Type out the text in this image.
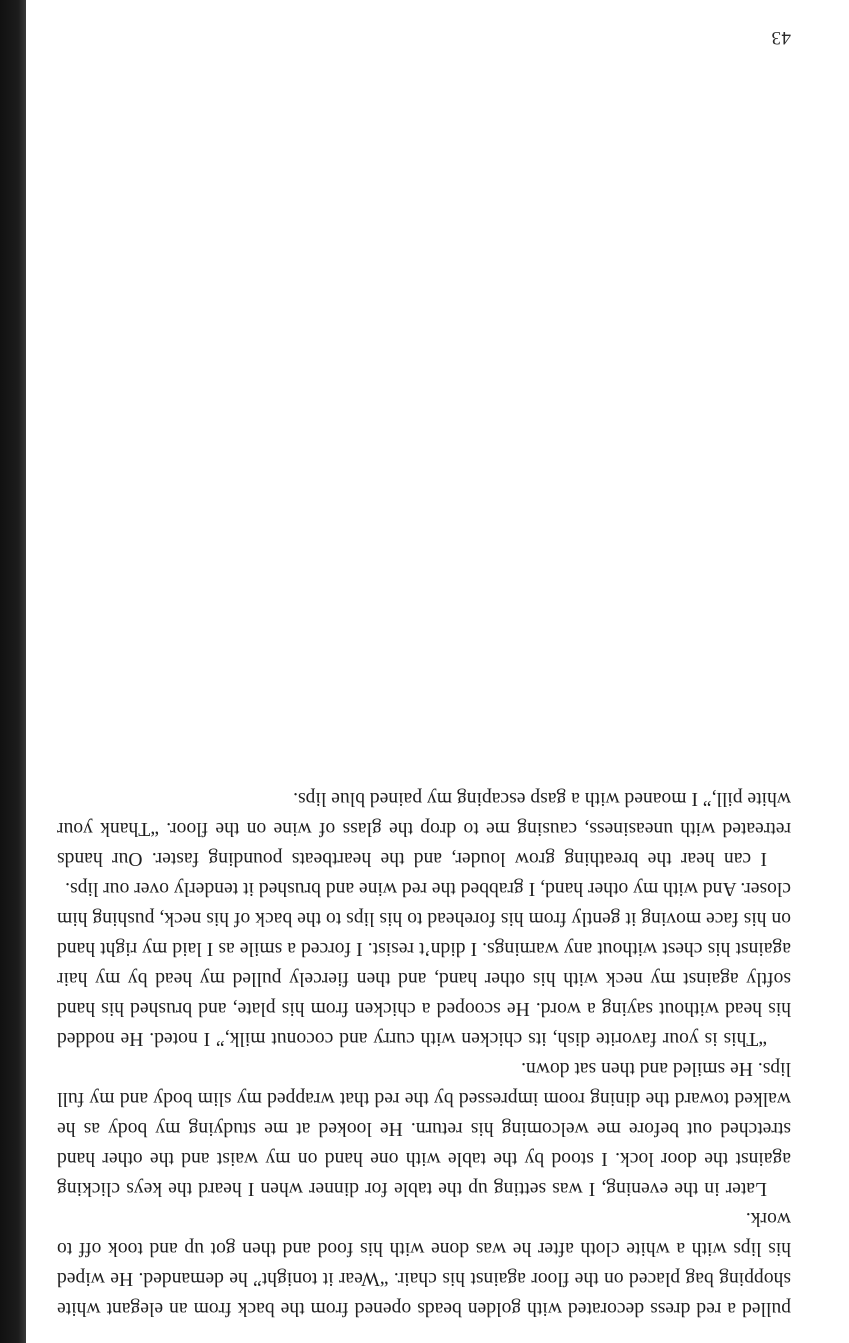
pulled a red dress decorated with golden beads opened from the back from an elegant white shopping bag placed on the floor against his chair. “Wear it tonight” he demanded. He wiped his lips with a white cloth after he was done with his food and then got up and took off to work.

Later in the evening, I was setting up the table for dinner when I heard the keys clicking against the door lock. I stood by the table with one hand on my waist and the other hand stretched out before me welcoming his return. He looked at me studying my body as he walked toward the dining room impressed by the red that wrapped my slim body and my full lips. He smiled and then sat down.

“This is your favorite dish, its chicken with curry and coconut milk,” I noted. He nodded his head without saying a word. He scooped a chicken from his plate, and brushed his hand softly against my neck with his other hand, and then fiercely pulled my head by my hair against his chest without any warnings. I didn’t resist. I forced a smile as I laid my right hand on his face moving it gently from his forehead to his lips to the back of his neck, pushing him closer. And with my other hand, I grabbed the red wine and brushed it tenderly over our lips.

I can hear the breathing grow louder, and the heartbeats pounding faster. Our hands retreated with uneasiness, causing me to drop the glass of wine on the floor. “Thank your white pill,” I moaned with a gasp escaping my pained blue lips.

43
